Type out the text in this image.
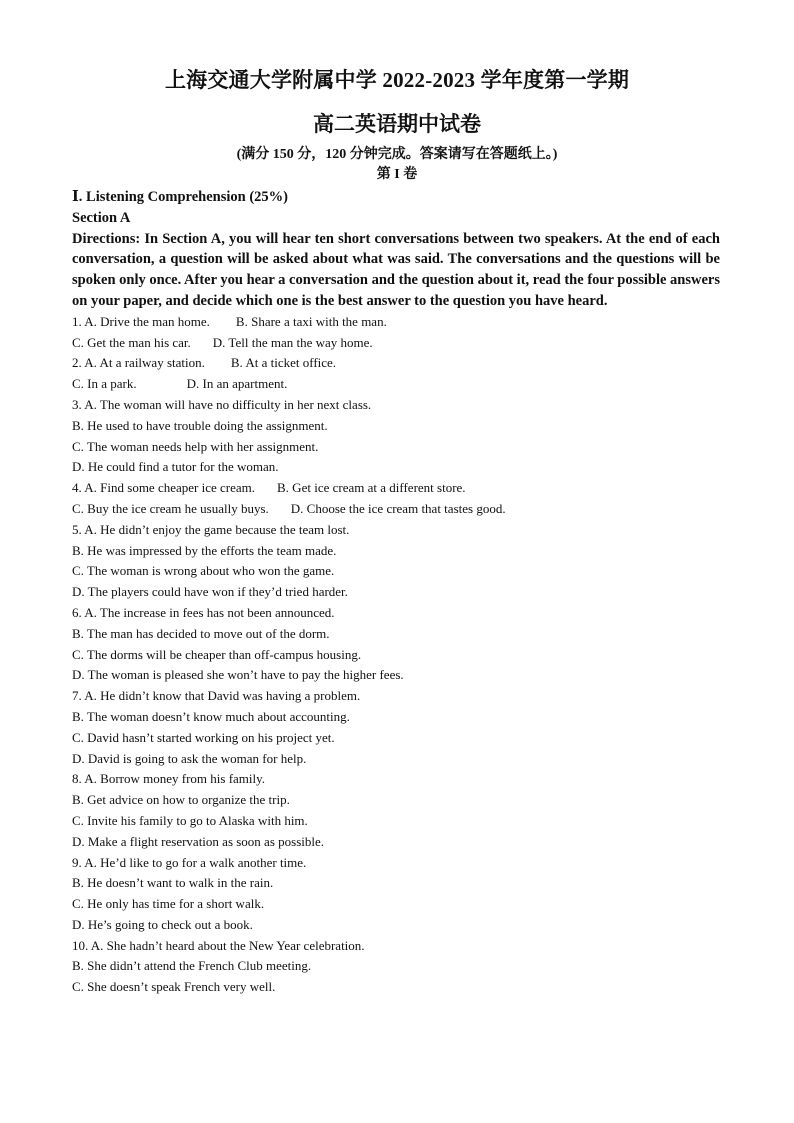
上海交通大学附属中学 2022-2023 学年度第一学期
高二英语期中试卷
(满分 150 分，120 分钟完成。答案请写在答题纸上。)
第 I 卷
Ⅰ. Listening Comprehension (25%)
Section A

Directions: In Section A, you will hear ten short conversations between two speakers. At the end of each conversation, a question will be asked about what was said. The conversations and the questions will be spoken only once. After you hear a conversation and the question about it, read the four possible answers on your paper, and decide which one is the best answer to the question you have heard.

1. A. Drive the man home. B. Share a taxi with the man.
C. Get the man his car. D. Tell the man the way home.
2. A. At a railway station. B. At a ticket office.
C. In a park.	D. In an apartment.
3. A. The woman will have no difficulty in her next class.
B. He used to have trouble doing the assignment.
C. The woman needs help with her assignment.
D. He could find a tutor for the woman.
4. A. Find some cheaper ice cream. B. Get ice cream at a different store.
C. Buy the ice cream he usually buys. D. Choose the ice cream that tastes good.
5. A. He didn’t enjoy the game because the team lost.
B. He was impressed by the efforts the team made.
C. The woman is wrong about who won the game.
D. The players could have won if they’d tried harder.
6. A. The increase in fees has not been announced.
B. The man has decided to move out of the dorm.
C. The dorms will be cheaper than off-campus housing.
D. The woman is pleased she won’t have to pay the higher fees.
7. A. He didn’t know that David was having a problem.
B. The woman doesn’t know much about accounting.
C. David hasn’t started working on his project yet.
D. David is going to ask the woman for help.
8. A. Borrow money from his family.
B. Get advice on how to organize the trip.
C. Invite his family to go to Alaska with him.
D. Make a flight reservation as soon as possible.
9. A. He’d like to go for a walk another time.
B. He doesn’t want to walk in the rain.
C. He only has time for a short walk.
D. He’s going to check out a book.
10. A. She hadn’t heard about the New Year celebration.
B. She didn’t attend the French Club meeting.
C. She doesn’t speak French very well.
